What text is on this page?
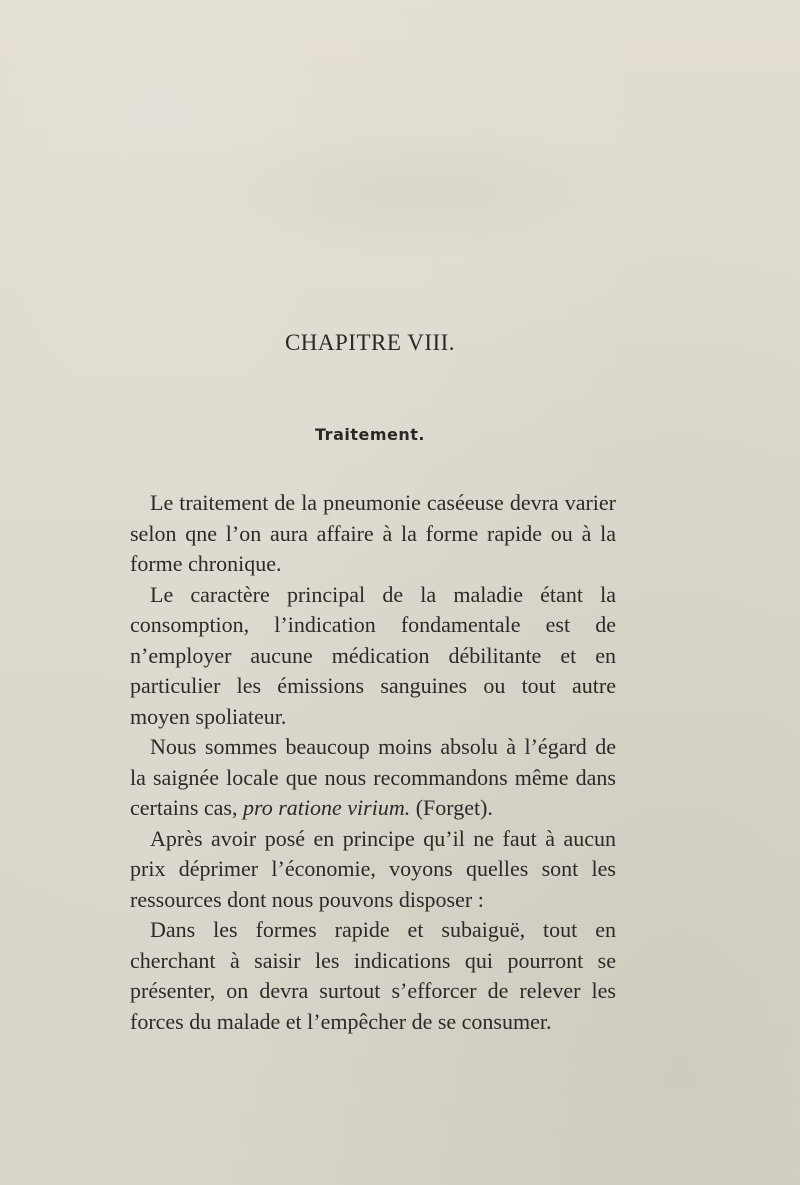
CHAPITRE VIII.
Traitement.

Le traitement de la pneumonie caséeuse devra varier selon qne l’on aura affaire à la forme rapide ou à la forme chronique.

Le caractère principal de la maladie étant la consomption, l’indication fondamentale est de n’employer aucune médication débilitante et en particulier les émissions sanguines ou tout autre moyen spoliateur.

Nous sommes beaucoup moins absolu à l’égard de la saignée locale que nous recommandons même dans certains cas, pro ratione virium. (Forget).

Après avoir posé en principe qu’il ne faut à aucun prix déprimer l’économie, voyons quelles sont les ressources dont nous pouvons disposer :

Dans les formes rapide et subaiguë, tout en cherchant à saisir les indications qui pourront se présenter, on devra surtout s’efforcer de relever les forces du malade et l’empêcher de se consumer.
